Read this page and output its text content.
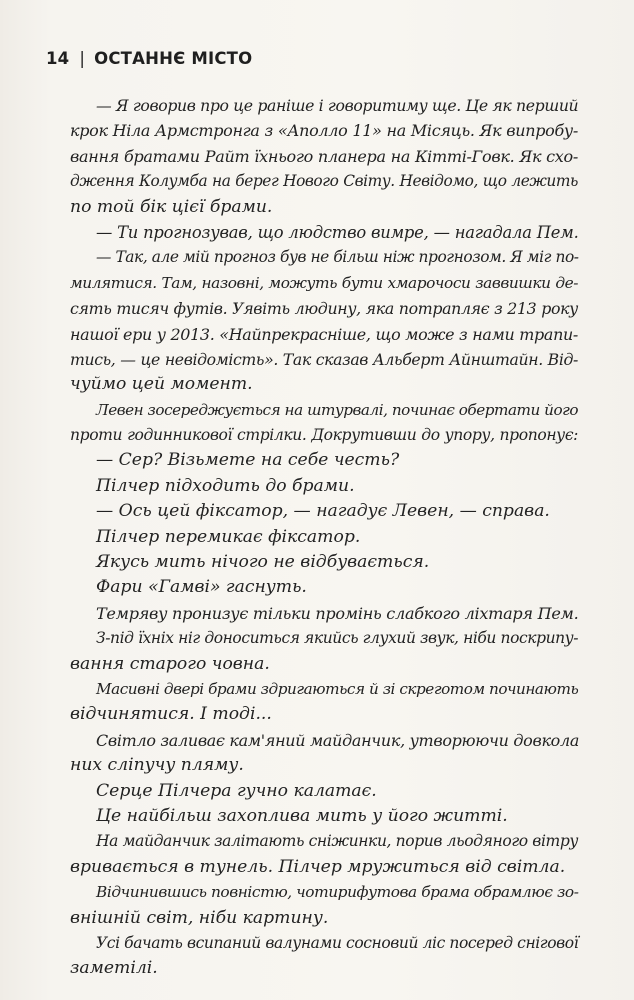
14 | ОСТАННЄ МІСТО
— Я говорив про це раніше і говоритиму ще. Це як перший
крок Ніла Армстронга з «Аполло 11» на Місяць. Як випробу-
вання братами Райт їхнього планера на Кітті-Говк. Як схо-
дження Колумба на берег Нового Світу. Невідомо, що лежить
по той бік цієї брами.
— Ти прогнозував, що людство вимре, — нагадала Пем.
— Так, але мій прогноз був не більш ніж прогнозом. Я міг по-
милятися. Там, назовні, можуть бути хмарочоси заввишки де-
сять тисяч футів. Уявіть людину, яка потрапляє з 213 року
нашої ери у 2013. «Найпрекрасніше, що може з нами трапи-
тись, — це невідомість». Так сказав Альберт Айнштайн. Від-
чуймо цей момент.
Левен зосереджується на штурвалі, починає обертати його
проти годинникової стрілки. Докрутивши до упору, пропонує:
— Сер? Візьмете на себе честь?
Пілчер підходить до брами.
— Ось цей фіксатор, — нагадує Левен, — справа.
Пілчер перемикає фіксатор.
Якусь мить нічого не відбувається.
Фари «Гамві» гаснуть.
Темряву пронизує тільки промінь слабкого ліхтаря Пем.
З-під їхніх ніг доноситься якийсь глухий звук, ніби поскрипу-
вання старого човна.
Масивні двері брами здригаються й зі скреготом починають
відчинятися. І тоді...
Світло заливає кам'яний майданчик, утворюючи довкола
них сліпучу пляму.
Серце Пілчера гучно калатає.
Це найбільш захоплива мить у його житті.
На майданчик залітають сніжинки, порив льодяного вітру
вривається в тунель. Пілчер мружиться від світла.
Відчинившись повністю, чотирифутова брама обрамлює зо-
внішній світ, ніби картину.
Усі бачать всипаний валунами сосновий ліс посеред снігової
заметілі.
